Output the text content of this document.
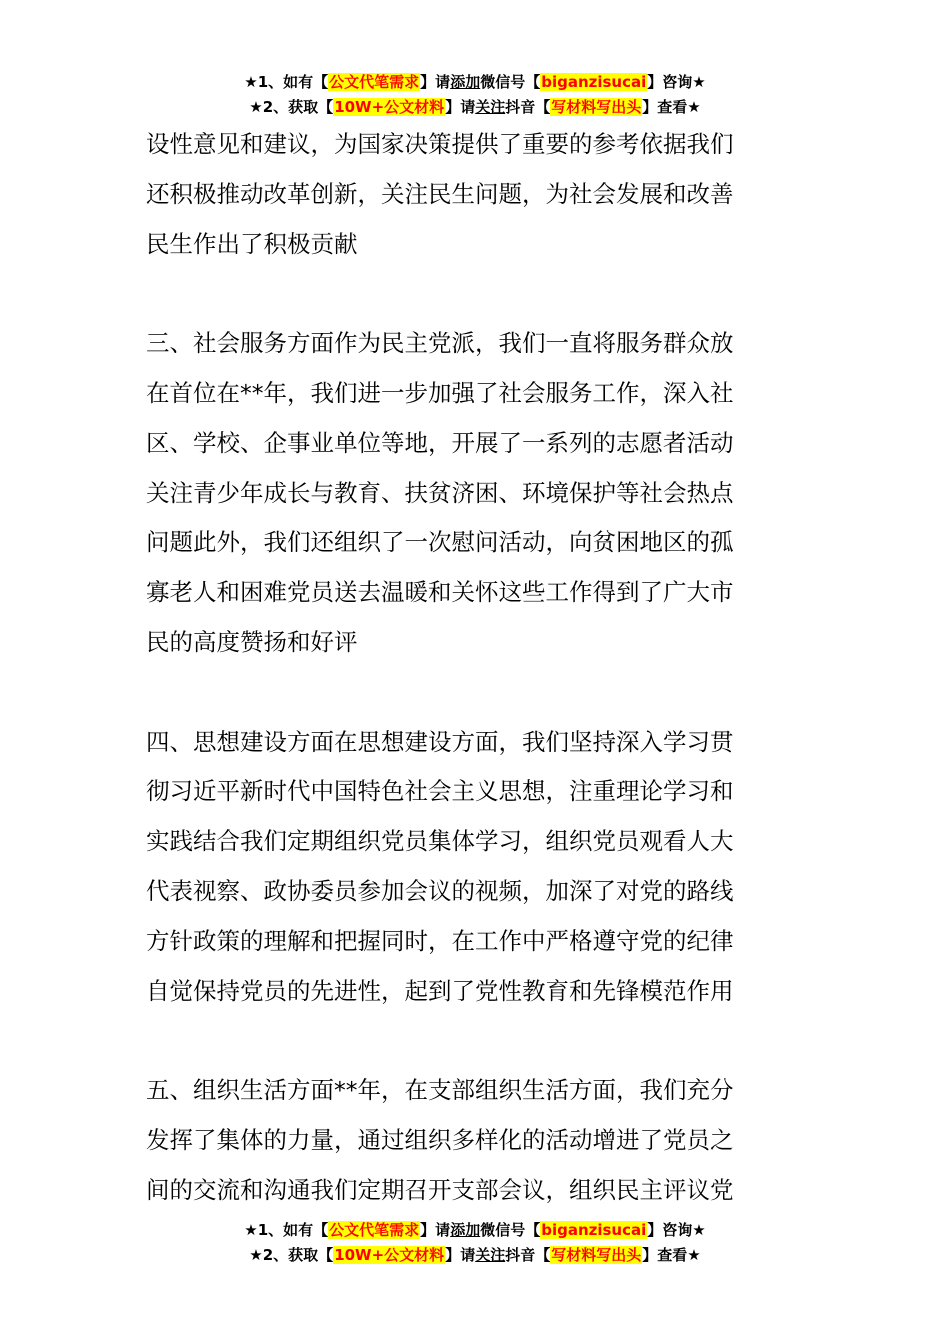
★1、如有【公文代笔需求】请添加微信号【biganzisucai】咨询★
★2、获取【10W+公文材料】请关注抖音【写材料写出头】查看★
设性意见和建议，为国家决策提供了重要的参考依据我们
还积极推动改革创新，关注民生问题，为社会发展和改善
民生作出了积极贡献
三、社会服务方面作为民主党派，我们一直将服务群众放
在首位在**年，我们进一步加强了社会服务工作，深入社
区、学校、企事业单位等地，开展了一系列的志愿者活动
关注青少年成长与教育、扶贫济困、环境保护等社会热点
问题此外，我们还组织了一次慰问活动，向贫困地区的孤
寡老人和困难党员送去温暖和关怀这些工作得到了广大市
民的高度赞扬和好评
四、思想建设方面在思想建设方面，我们坚持深入学习贯
彻习近平新时代中国特色社会主义思想，注重理论学习和
实践结合我们定期组织党员集体学习，组织党员观看人大
代表视察、政协委员参加会议的视频，加深了对党的路线
方针政策的理解和把握同时，在工作中严格遵守党的纪律
自觉保持党员的先进性，起到了党性教育和先锋模范作用
五、组织生活方面**年，在支部组织生活方面，我们充分
发挥了集体的力量，通过组织多样化的活动增进了党员之
间的交流和沟通我们定期召开支部会议，组织民主评议党
★1、如有【公文代笔需求】请添加微信号【biganzisucai】咨询★
★2、获取【10W+公文材料】请关注抖音【写材料写出头】查看★
